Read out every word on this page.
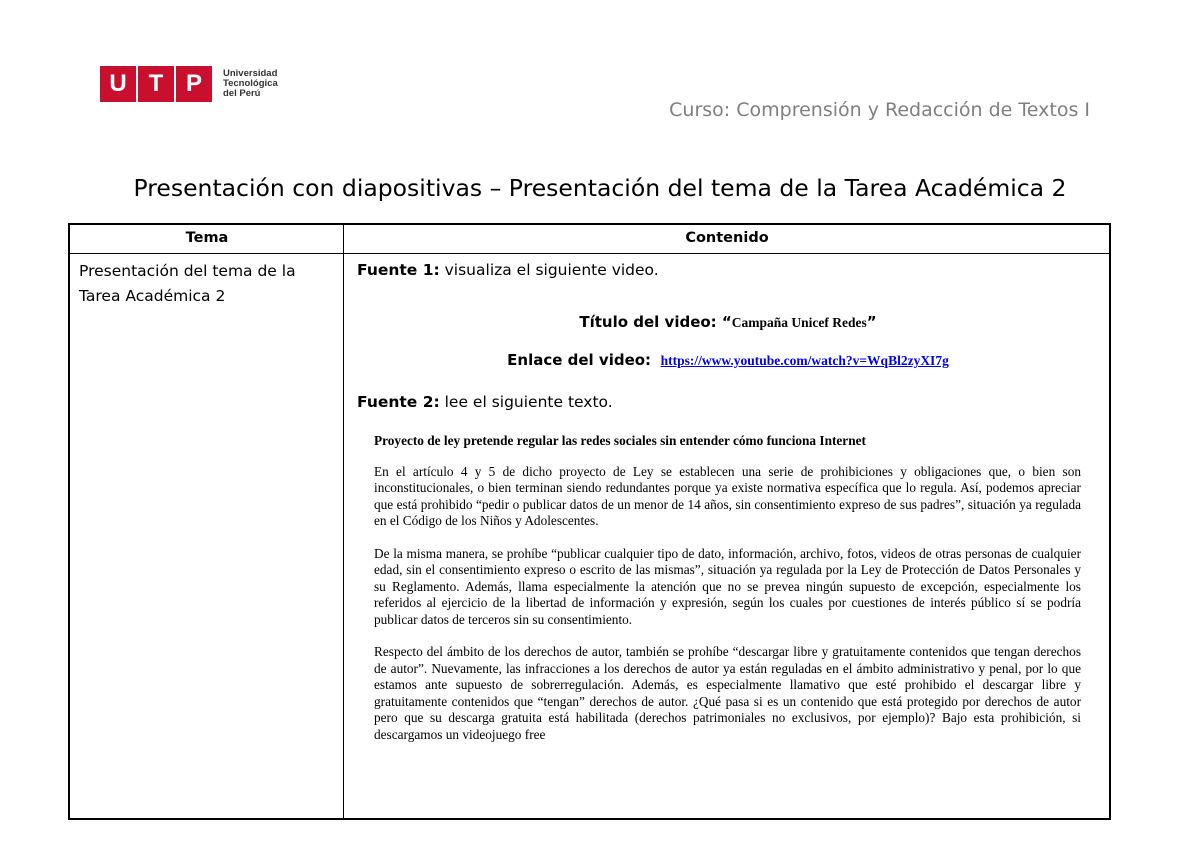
U T P	Universidad
Tecnológica
del Perú
Curso: Comprensión y Redacción de Textos I
Presentación con diapositivas – Presentación del tema de la Tarea Académica 2
Tema	Contenido
Presentación del tema de la
Tarea Académica 2
Fuente 1: visualiza el siguiente video.
Título del video: “Campaña Unicef Redes”
Enlace del video: https://www.youtube.com/watch?v=WqBl2zyXI7g
Fuente 2: lee el siguiente texto.
Proyecto de ley pretende regular las redes sociales sin entender cómo funciona Internet

En el artículo 4 y 5 de dicho proyecto de Ley se establecen una serie de prohibiciones y obligaciones que, o bien son inconstitucionales, o bien terminan siendo redundantes porque ya existe normativa específica que lo regula. Así, podemos apreciar que está prohibido “pedir o publicar datos de un menor de 14 años, sin consentimiento expreso de sus padres”, situación ya regulada en el Código de los Niños y Adolescentes.

De la misma manera, se prohíbe “publicar cualquier tipo de dato, información, archivo, fotos, videos de otras personas de cualquier edad, sin el consentimiento expreso o escrito de las mismas”, situación ya regulada por la Ley de Protección de Datos Personales y su Reglamento. Además, llama especialmente la atención que no se prevea ningún supuesto de excepción, especialmente los referidos al ejercicio de la libertad de información y expresión, según los cuales por cuestiones de interés público sí se podría publicar datos de terceros sin su consentimiento.

Respecto del ámbito de los derechos de autor, también se prohíbe “descargar libre y gratuitamente contenidos que tengan derechos de autor”. Nuevamente, las infracciones a los derechos de autor ya están reguladas en el ámbito administrativo y penal, por lo que estamos ante supuesto de sobrerregulación. Además, es especialmente llamativo que esté prohibido el descargar libre y gratuitamente contenidos que “tengan” derechos de autor. ¿Qué pasa si es un contenido que está protegido por derechos de autor pero que su descarga gratuita está habilitada (derechos patrimoniales no exclusivos, por ejemplo)? Bajo esta prohibición, si descargamos un videojuego free
